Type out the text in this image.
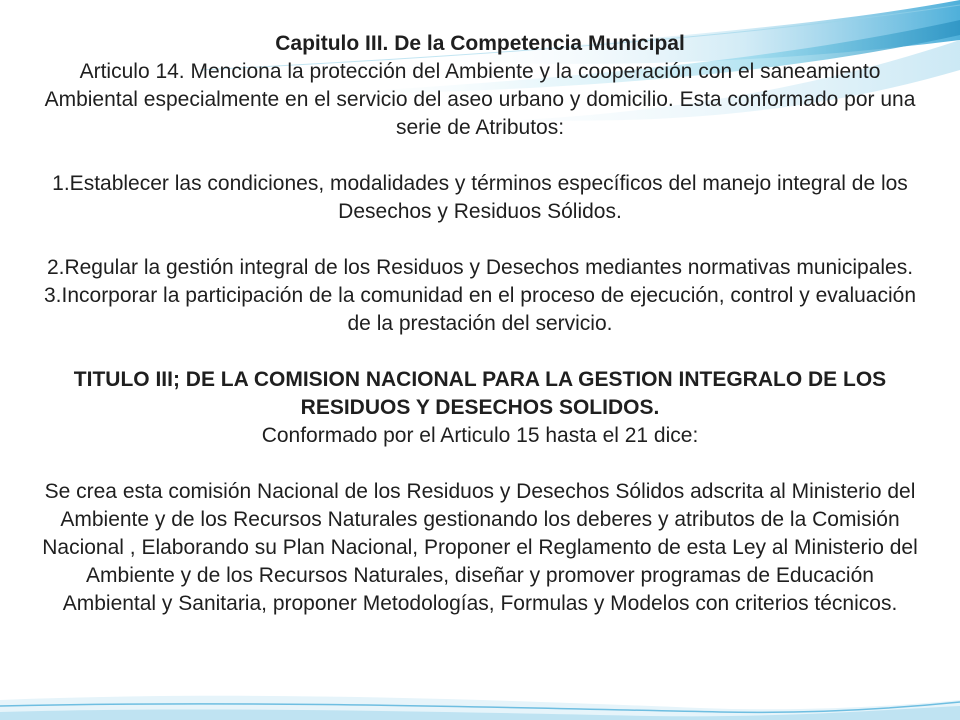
Capitulo III. De la Competencia Municipal

Articulo 14. Menciona la protección del Ambiente y la cooperación con el saneamiento Ambiental especialmente en el servicio del aseo urbano y domicilio. Esta conformado por una serie de Atributos:

1.Establecer las condiciones, modalidades y términos específicos del manejo integral de los Desechos y Residuos Sólidos.

2.Regular la gestión integral de los Residuos y Desechos mediantes normativas municipales.

3.Incorporar la participación de la comunidad en el proceso de ejecución, control y evaluación de la prestación del servicio.

TITULO III; DE LA COMISION NACIONAL PARA LA GESTION INTEGRALO DE LOS RESIDUOS Y DESECHOS SOLIDOS.

Conformado por el Articulo 15 hasta el 21 dice:

Se crea esta comisión Nacional de los Residuos y Desechos Sólidos adscrita al Ministerio del Ambiente y de los Recursos Naturales gestionando los deberes y atributos de la Comisión Nacional , Elaborando su Plan Nacional, Proponer el Reglamento de esta Ley al Ministerio del Ambiente y de los Recursos Naturales, diseñar y promover programas de Educación Ambiental y Sanitaria, proponer Metodologías, Formulas y Modelos con criterios técnicos.
